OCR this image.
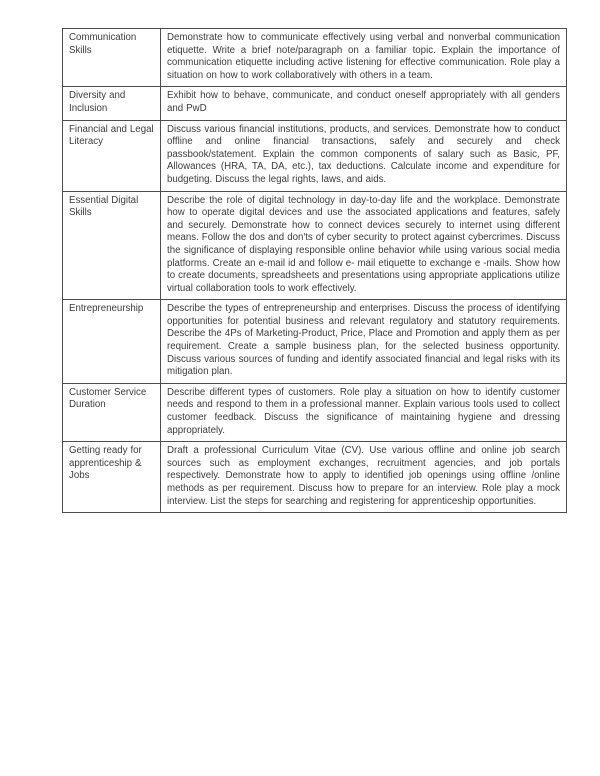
Communication Skills	Demonstrate how to communicate effectively using verbal and nonverbal communication etiquette. Write a brief note/paragraph on a familiar topic. Explain the importance of communication etiquette including active listening for effective communication. Role play a situation on how to work collaboratively with others in a team.
Diversity and Inclusion	Exhibit how to behave, communicate, and conduct oneself appropriately with all genders and PwD
Financial and Legal Literacy	Discuss various financial institutions, products, and services. Demonstrate how to conduct offline and online financial transactions, safely and securely and check passbook/statement. Explain the common components of salary such as Basic, PF, Allowances (HRA, TA, DA, etc.), tax deductions. Calculate income and expenditure for budgeting. Discuss the legal rights, laws, and aids.
Essential Digital Skills	Describe the role of digital technology in day-to-day life and the workplace. Demonstrate how to operate digital devices and use the associated applications and features, safely and securely. Demonstrate how to connect devices securely to internet using different means. Follow the dos and don'ts of cyber security to protect against cybercrimes. Discuss the significance of displaying responsible online behavior while using various social media platforms. Create an e-mail id and follow e- mail etiquette to exchange e -mails. Show how to create documents, spreadsheets and presentations using appropriate applications utilize virtual collaboration tools to work effectively.
Entrepreneurship	Describe the types of entrepreneurship and enterprises. Discuss the process of identifying opportunities for potential business and relevant regulatory and statutory requirements. Describe the 4Ps of Marketing-Product, Price, Place and Promotion and apply them as per requirement. Create a sample business plan, for the selected business opportunity. Discuss various sources of funding and identify associated financial and legal risks with its mitigation plan.
Customer Service Duration	Describe different types of customers. Role play a situation on how to identify customer needs and respond to them in a professional manner. Explain various tools used to collect customer feedback. Discuss the significance of maintaining hygiene and dressing appropriately.
Getting ready for apprenticeship & Jobs	Draft a professional Curriculum Vitae (CV). Use various offline and online job search sources such as employment exchanges, recruitment agencies, and job portals respectively. Demonstrate how to apply to identified job openings using offline /online methods as per requirement. Discuss how to prepare for an interview. Role play a mock interview. List the steps for searching and registering for apprenticeship opportunities.
